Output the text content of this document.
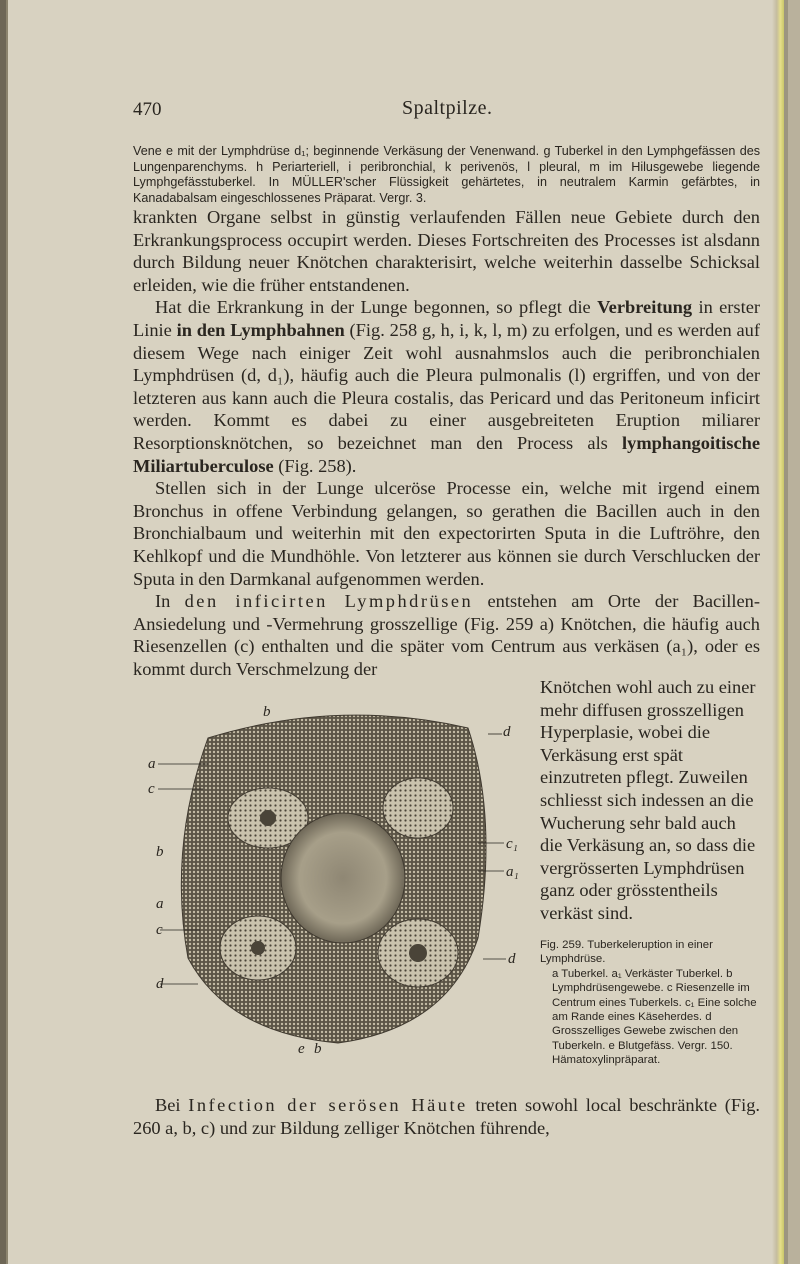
470	Spaltpilze.

Vene e mit der Lymphdrüse d₁; beginnende Verkäsung der Venenwand. g Tuberkel in den Lymphgefässen des Lungenparenchyms. h Periarteriell, i peribronchial, k perivenös, l pleural, m im Hilusgewebe liegende Lymphgefässtuberkel. In MÜLLER'scher Flüssigkeit gehärtetes, in neutralem Karmin gefärbtes, in Kanadabalsam eingeschlossenes Präparat. Vergr. 3.

krankten Organe selbst in günstig verlaufenden Fällen neue Gebiete durch den Erkrankungsprocess occupirt werden. Dieses Fortschreiten des Processes ist alsdann durch Bildung neuer Knötchen charakterisirt, welche weiterhin dasselbe Schicksal erleiden, wie die früher entstandenen.

Hat die Erkrankung in der Lunge begonnen, so pflegt die Verbreitung in erster Linie in den Lymphbahnen (Fig. 258 g, h, i, k, l, m) zu erfolgen, und es werden auf diesem Wege nach einiger Zeit wohl ausnahmslos auch die peribronchialen Lymphdrüsen (d, d₁), häufig auch die Pleura pulmonalis (l) ergriffen, und von der letzteren aus kann auch die Pleura costalis, das Pericard und das Peritoneum inficirt werden. Kommt es dabei zu einer ausgebreiteten Eruption miliarer Resorptionsknötchen, so bezeichnet man den Process als lymphangoitische Miliartuberculose (Fig. 258).

Stellen sich in der Lunge ulceröse Processe ein, welche mit irgend einem Bronchus in offene Verbindung gelangen, so gerathen die Bacillen auch in den Bronchialbaum und weiterhin mit den expectorirten Sputa in die Luftröhre, den Kehlkopf und die Mundhöhle. Von letzterer aus können sie durch Verschlucken der Sputa in den Darmkanal aufgenommen werden.

In den inficirten Lymphdrüsen entstehen am Orte der Bacillen-Ansiedelung und -Vermehrung grosszellige (Fig. 259 a) Knötchen, die häufig auch Riesenzellen (c) enthalten und die später vom Centrum aus verkäsen (a₁), oder es kommt durch Verschmelzung der

b
d
a
c
c₁
a₁
b
a
c
d
d
e b

Knötchen wohl auch zu einer mehr diffusen grosszelligen Hyperplasie, wobei die Verkäsung erst spät einzutreten pflegt. Zuweilen schliesst sich indessen an die Wucherung sehr bald auch die Verkäsung an, so dass die vergrösserten Lymphdrüsen ganz oder grösstentheils verkäst sind.

Fig. 259. Tuberkeleruption in einer Lymphdrüse.

a Tuberkel. a₁ Verkäster Tuberkel. b Lymphdrüsengewebe. c Riesenzelle im Centrum eines Tuberkels. c₁ Eine solche am Rande eines Käseherdes. d Grosszelliges Gewebe zwischen den Tuberkeln. e Blutgefäss. Vergr. 150. Hämatoxylinpräparat.

Bei Infection der serösen Häute treten sowohl local beschränkte (Fig. 260 a, b, c) und zur Bildung zelliger Knötchen führende,
